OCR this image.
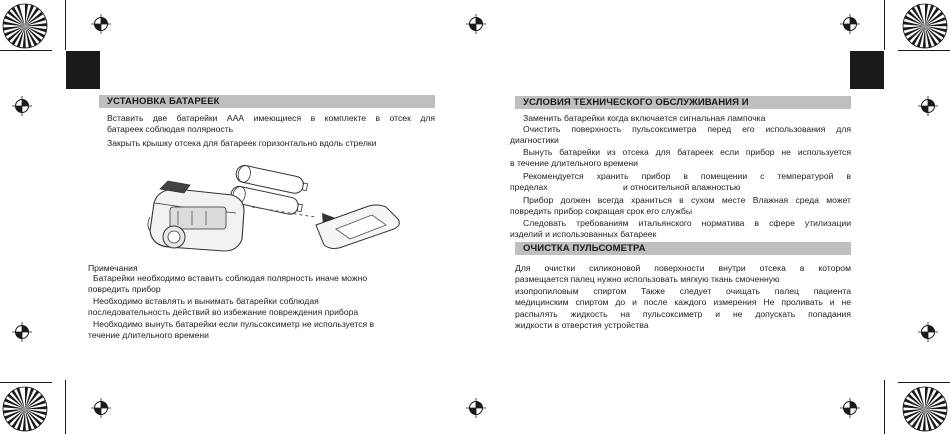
УСТАНОВКА БАТАРЕЕК
Вставить две батарейки ААА имеющиеся в комплекте в отсек для
батареек соблюдая полярность
Закрыть крышку отсека для батареек горизонтально вдоль стрелки
Примечания
Батарейки необходимо вставить соблюдая полярность иначе можно
повредить прибор
Необходимо вставлять и вынимать батарейки соблюдая
последовательность действий во избежание повреждения прибора
Необходимо вынуть батарейки если пульсоксиметр не используется в
течение длительного времени
УСЛОВИЯ ТЕХНИЧЕСКОГО ОБСЛУЖИВАНИЯ И
Заменить батарейки когда включается сигнальная лампочка
Очистить поверхность пульсоксиметра перед его использования для
диагностики
Вынуть батарейки из отсека для батареек если прибор не используется
в течение длительного времени
Рекомендуется хранить прибор в помещении с температурой в
пределах	и относительной влажностью
Прибор должен всегда храниться в сухом месте Влажная среда может
повредить прибор сокращая срок его службы
Следовать требованиям итальянского норматива в сфере утилизации
изделий и использованных батареек
ОЧИСТКА ПУЛЬСОМЕТРА
Для очистки силиконовой поверхности внутри отсека в котором
размещается палец нужно использовать мягкую ткань смоченную
изопропиловым спиртом Также следует очищать палец пациента
медицинским спиртом до и после каждого измерения Не проливать и не
распылять жидкость на пульсоксиметр и не допускать попадания
жидкости в отверстия устройства
